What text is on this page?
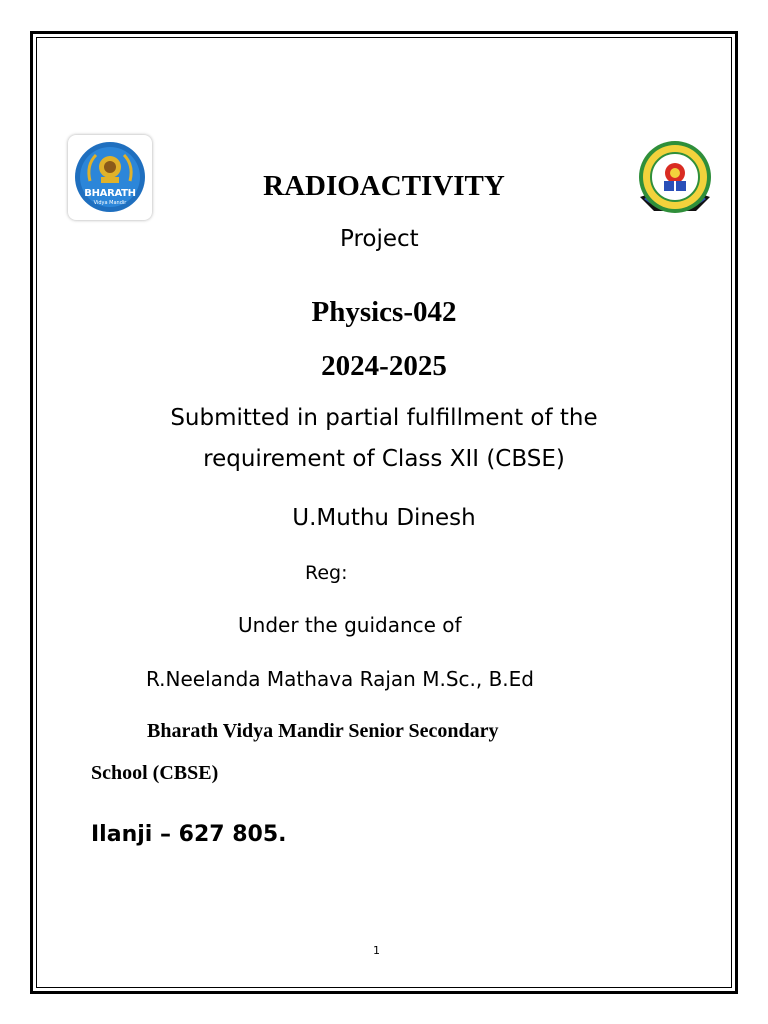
BHARATH
Vidya Mandir
RADIOACTIVITY
Project
Physics-042
2024-2025
Submitted in partial fulfillment of the
requirement of Class XII (CBSE)
U.Muthu Dinesh
Reg:
Under the guidance of
R.Neelanda Mathava Rajan M.Sc., B.Ed
Bharath Vidya Mandir Senior Secondary
School (CBSE)
Ilanji – 627 805.
1
